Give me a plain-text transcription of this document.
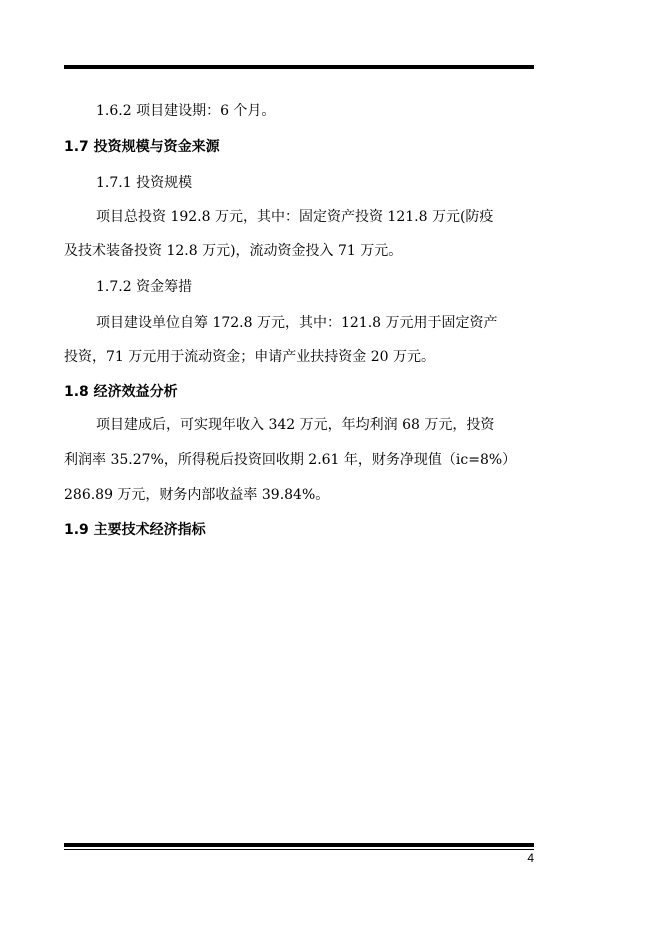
1.6.2 项目建设期：6 个月。
1.7 投资规模与资金来源
1.7.1 投资规模
项目总投资 192.8 万元，其中：固定资产投资 121.8 万元(防疫
及技术装备投资 12.8 万元)，流动资金投入 71 万元。
1.7.2 资金筹措
项目建设单位自筹 172.8 万元，其中：121.8 万元用于固定资产
投资，71 万元用于流动资金；申请产业扶持资金 20 万元。
1.8 经济效益分析
项目建成后，可实现年收入 342 万元，年均利润 68 万元，投资
利润率 35.27%，所得税后投资回收期 2.61 年，财务净现值（ic=8%）
286.89 万元，财务内部收益率 39.84%。
1.9 主要技术经济指标
4
